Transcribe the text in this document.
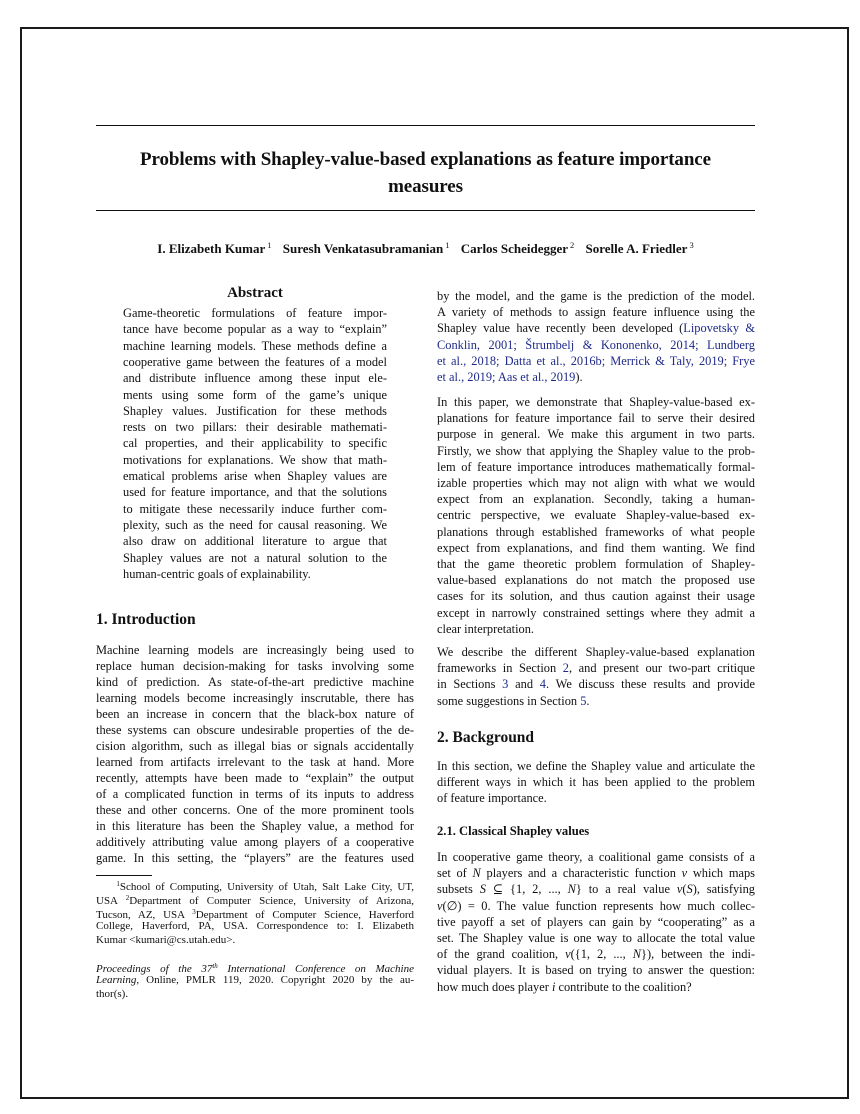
Problems with Shapley-value-based explanations as feature importance
measures
I. Elizabeth Kumar $^1$ Suresh Venkatasubramanian $^1$ Carlos Scheidegger $^2$ Sorelle A. Friedler $^3$
Abstract
Game-theoretic formulations of feature impor-
tance have become popular as a way to “explain”
machine learning models. These methods define a
cooperative game between the features of a model
and distribute influence among these input ele-
ments using some form of the game’s unique
Shapley values. Justification for these methods
rests on two pillars: their desirable mathemati-
cal properties, and their applicability to specific
motivations for explanations. We show that math-
ematical problems arise when Shapley values are
used for feature importance, and that the solutions
to mitigate these necessarily induce further com-
plexity, such as the need for causal reasoning. We
also draw on additional literature to argue that
Shapley values are not a natural solution to the
human-centric goals of explainability.
1. Introduction
Machine learning models are increasingly being used to
replace human decision-making for tasks involving some
kind of prediction. As state-of-the-art predictive machine
learning models become increasingly inscrutable, there has
been an increase in concern that the black-box nature of
these systems can obscure undesirable properties of the de-
cision algorithm, such as illegal bias or signals accidentally
learned from artifacts irrelevant to the task at hand. More
recently, attempts have been made to “explain” the output
of a complicated function in terms of its inputs to address
these and other concerns. One of the more prominent tools
in this literature has been the Shapley value, a method for
additively attributing value among players of a cooperative
game. In this setting, the “players” are the features used
$^1$School of Computing, University of Utah, Salt Lake City, UT,
USA $^2$Department of Computer Science, University of Arizona,
Tucson, AZ, USA $^3$Department of Computer Science, Haverford
College, Haverford, PA, USA. Correspondence to: I. Elizabeth
Kumar <kumari@cs.utah.edu>.
Proceedings of the 37th International Conference on Machine
Learning, Online, PMLR 119, 2020. Copyright 2020 by the au-
thor(s).
by the model, and the game is the prediction of the model.
A variety of methods to assign feature influence using the
Shapley value have recently been developed (Lipovetsky &
Conklin, 2001; Štrumbelj & Kononenko, 2014; Lundberg
et al., 2018; Datta et al., 2016b; Merrick & Taly, 2019; Frye
et al., 2019; Aas et al., 2019).
In this paper, we demonstrate that Shapley-value-based ex-
planations for feature importance fail to serve their desired
purpose in general. We make this argument in two parts.
Firstly, we show that applying the Shapley value to the prob-
lem of feature importance introduces mathematically formal-
izable properties which may not align with what we would
expect from an explanation. Secondly, taking a human-
centric perspective, we evaluate Shapley-value-based ex-
planations through established frameworks of what people
expect from explanations, and find them wanting. We find
that the game theoretic problem formulation of Shapley-
value-based explanations do not match the proposed use
cases for its solution, and thus caution against their usage
except in narrowly constrained settings where they admit a
clear interpretation.
We describe the different Shapley-value-based explanation
frameworks in Section 2, and present our two-part critique
in Sections 3 and 4. We discuss these results and provide
some suggestions in Section 5.
2. Background
In this section, we define the Shapley value and articulate the
different ways in which it has been applied to the problem
of feature importance.
2.1. Classical Shapley values
In cooperative game theory, a coalitional game consists of a
set of N players and a characteristic function v which maps
subsets S ⊆ {1, 2, ..., N} to a real value v(S), satisfying
v(∅) = 0. The value function represents how much collec-
tive payoff a set of players can gain by “cooperating” as a
set. The Shapley value is one way to allocate the total value
of the grand coalition, v({1, 2, ..., N}), between the indi-
vidual players. It is based on trying to answer the question:
how much does player i contribute to the coalition?
